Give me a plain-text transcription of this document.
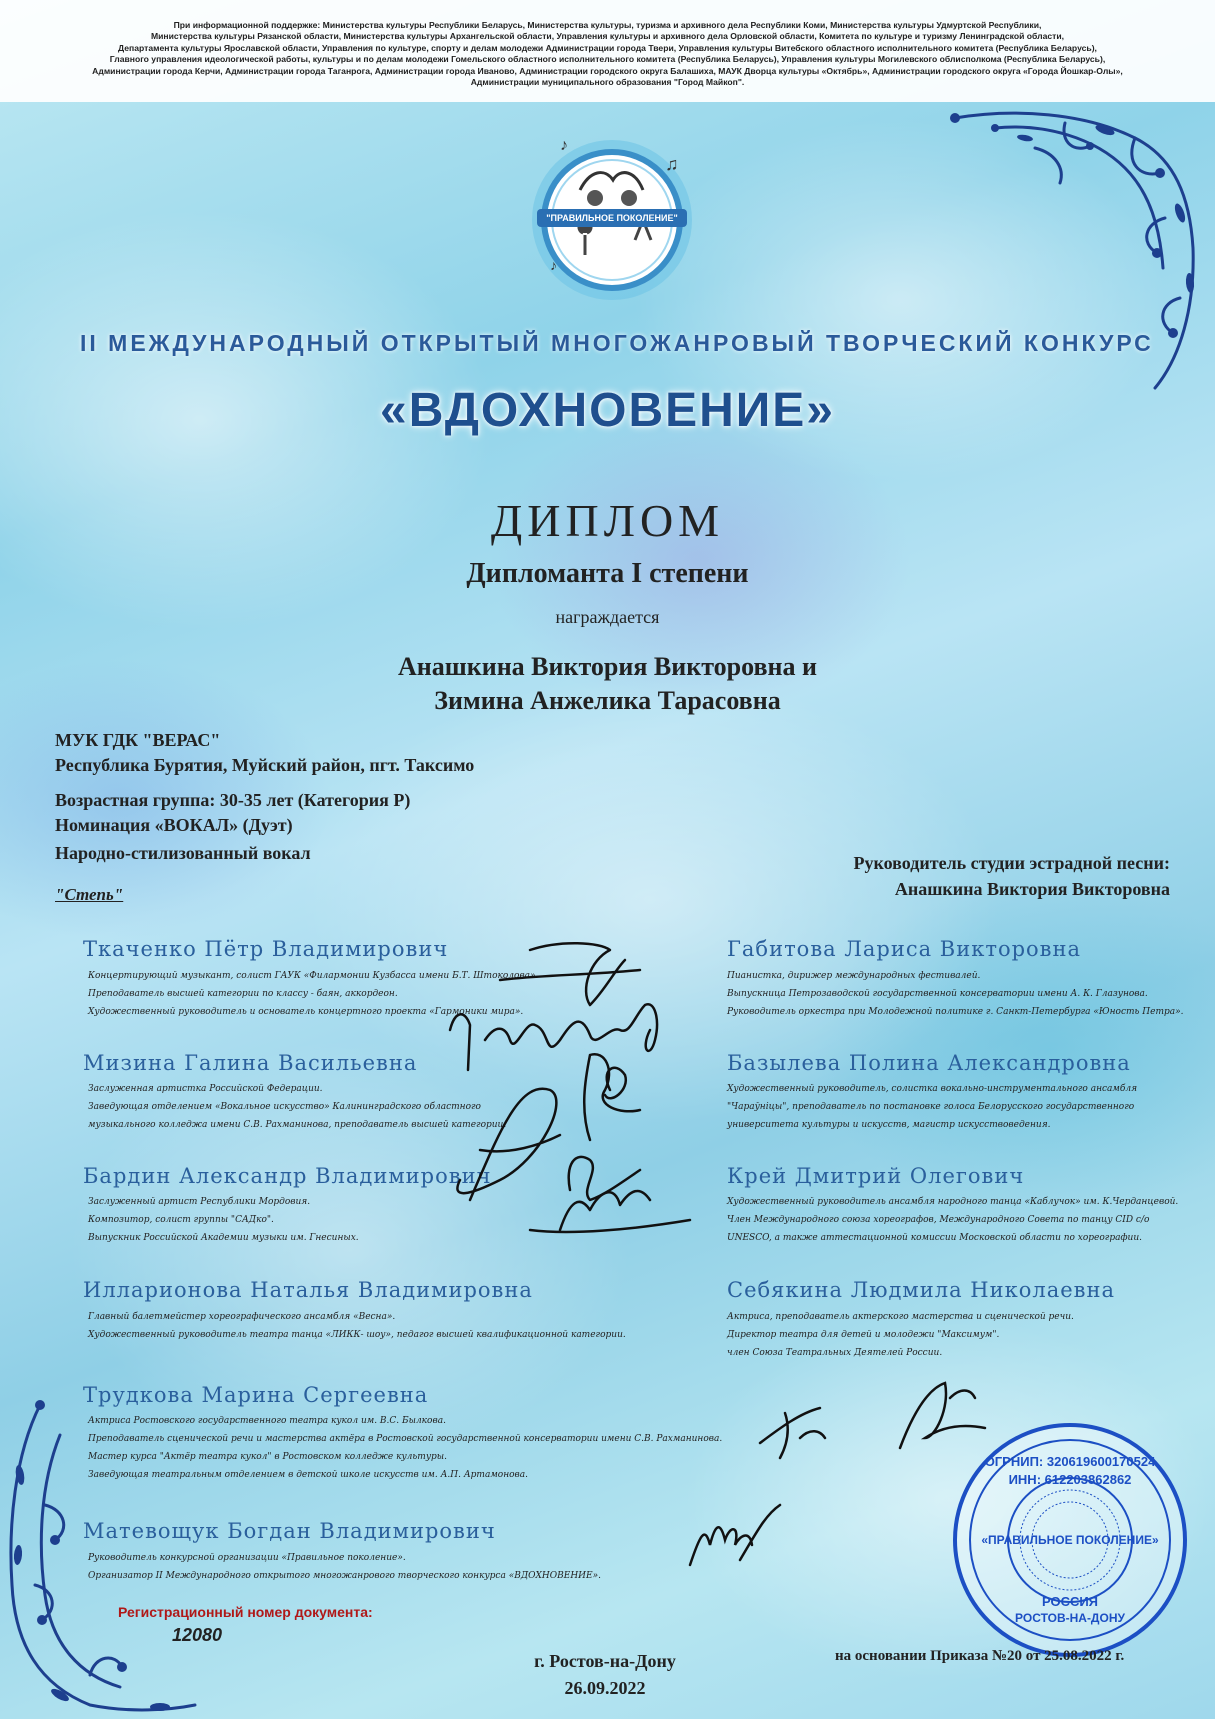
При информационной поддержке: Министерства культуры Республики Беларусь, Министерства культуры, туризма и архивного дела Республики Коми, Министерства культуры Удмуртской Республики,
Министерства культуры Рязанской области, Министерства культуры Архангельской области, Управления культуры и архивного дела Орловской области, Комитета по культуре и туризму Ленинградской области,
Департамента культуры Ярославской области, Управления по культуре, спорту и делам молодежи Администрации города Твери, Управления культуры Витебского областного исполнительного комитета (Республика Беларусь),
Главного управления идеологической работы, культуры и по делам молодежи Гомельского областного исполнительного комитета (Республика Беларусь), Управления культуры Могилевского облисполкома (Республика Беларусь),
Администрации города Керчи, Администрации города Таганрога, Администрации города Иваново, Администрации городского округа Балашиха, МАУК Дворца культуры «Октябрь», Администрации городского округа «Города Йошкар-Олы»,
Администрации муниципального образования "Город Майкоп".
♪
♫
♪
"ПРАВИЛЬНОЕ ПОКОЛЕНИЕ"
II МЕЖДУНАРОДНЫЙ ОТКРЫТЫЙ МНОГОЖАНРОВЫЙ ТВОРЧЕСКИЙ КОНКУРС
«ВДОХНОВЕНИЕ»
ДИПЛОМ
Дипломанта I степени
награждается
Анашкина Виктория Викторовна и
Зимина Анжелика Тарасовна
МУК ГДК "ВЕРАС"
Республика Бурятия, Муйский район, пгт. Таксимо
Возрастная группа: 30-35 лет (Категория Р)
Номинация «ВОКАЛ» (Дуэт)
Народно-стилизованный вокал
"Степь"
Руководитель студии эстрадной песни:
Анашкина Виктория Викторовна
Ткаченко Пётр Владимирович
Концертирующий музыкант, солист ГАУК «Филармонии Кузбасса имени Б.Т. Штоколова».
Преподаватель высшей категории по классу - баян, аккордеон.
Художественный руководитель и основатель концертного проекта «Гармоники мира».
Мизина Галина Васильевна
Заслуженная артистка Российской Федерации.
Заведующая отделением «Вокальное искусство» Калининградского областного
музыкального колледжа имени С.В. Рахманинова, преподаватель высшей категории.
Бардин Александр Владимирович
Заслуженный артист Республики Мордовия.
Композитор, солист группы "САДко".
Выпускник Российской Академии музыки им. Гнесиных.
Илларионова Наталья Владимировна
Главный балетмейстер хореографического ансамбля «Весна».
Художественный руководитель театра танца «ЛИКК- шоу», педагог высшей квалификационной категории.
Трудкова Марина Сергеевна
Актриса Ростовского государственного театра кукол им. В.С. Былкова.
Преподаватель сценической речи и мастерства актёра в Ростовской государственной консерватории имени С.В. Рахманинова.
Мастер курса "Актёр театра кукол" в Ростовском колледже культуры.
Заведующая театральным отделением в детской школе искусств им. А.П. Артамонова.
Матевощук Богдан Владимирович
Руководитель конкурсной организации «Правильное поколение».
Организатор II Международного открытого многожанрового творческого конкурса «ВДОХНОВЕНИЕ».
Габитова Лариса Викторовна
Пианистка, дирижер международных фестивалей.
Выпускница Петрозаводской государственной консерватории имени А. К. Глазунова.
Руководитель оркестра при Молодежной политике г. Санкт-Петербурга «Юность Петра».
Базылева Полина Александровна
Художественный руководитель, солистка вокально-инструментального ансамбля
"Чараўніцы", преподаватель по постановке голоса Белорусского государственного
университета культуры и искусств, магистр искусствоведения.
Крей Дмитрий Олегович
Художественный руководитель ансамбля народного танца «Каблучок» им. К.Черданцевой.
Член Международного союза хореографов, Международного Совета по танцу CID с/о
UNESCO, а также аттестационной комиссии Московской области по хореографии.
Себякина Людмила Николаевна
Актриса, преподаватель актерского мастерства и сценической речи.
Директор театра для детей и молодежи "Максимум".
член Союза Театральных Деятелей России.
ОГРНИП: 320619600170524
ИНН: 612203862862
«ПРАВИЛЬНОЕ ПОКОЛЕНИЕ»
РОССИЯ
РОСТОВ-НА-ДОНУ
Регистрационный номер документа:
12080
г. Ростов-на-Дону
26.09.2022
на основании Приказа №20 от 25.08.2022 г.
